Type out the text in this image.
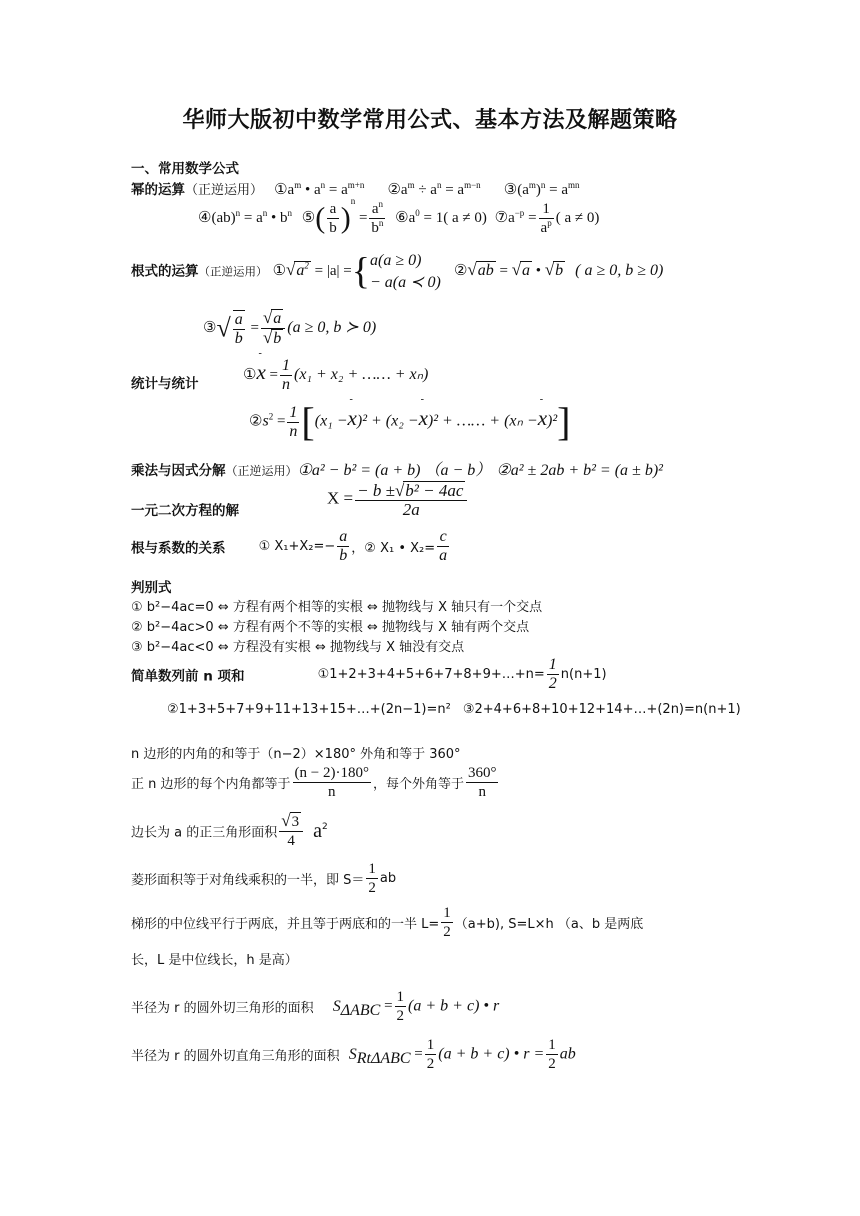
华师大版初中数学常用公式、基本方法及解题策略
一、常用数学公式
幂的运算（正逆运用） $①a^m$ • $a^n = a^{m+n}$ $②a^m \div a^n = a^{m-n}$ $③(a^m)^n = a^{mn}$
④(ab)$^n$ = $a^n$ • $b^n$ ⑤( $\frac{a}{b} )^n = \frac{a^n}{b^n}$ $⑥a^0 = 1$( a ≠ 0) $⑦a^{-p} = \frac{1}{a^p}$ ( a ≠ 0)
根式的运算（正逆运用） $①√a^2 = |a|$ ={ a(a ≥ 0)
− a(a ≺ 0)
②√ab = √a • √b ( a ≥ 0, b ≥ 0)
③√ $\frac{a}{b} = \frac{√a}{√b} (a \ge 0$, b ≻ 0)
统计与统计
①- $x = \frac{1}{n} (x_1 + x_2$ + …… + xₙ)
$②s^2 = \frac{1}{n} [(x_1 -- x)^2 + (x_2 -- x)^2$ + …… + (xₙ −- x)²]
乘法与因式分解（正逆运用）①a² − b² = (a + b) （a − b） ②a² ± 2ab + b² = (a ± b)²
一元二次方程的解
$X = \frac{\text{− b ±√b² − 4ac}}{2a}$
根与系数的关系	① $X_1+X_2=- \frac{a}{b}$ ，② X₁ • $X_2= \frac{c}{a}$
判别式
① b²−4ac=0 ⇔ 方程有两个相等的实根 ⇔ 抛物线与 X 轴只有一个交点
② b²−4ac>0 ⇔ 方程有两个不等的实根 ⇔ 抛物线与 X 轴有两个交点
③ b²−4ac<0 ⇔ 方程没有实根 ⇔ 抛物线与 X 轴没有交点
简单数列前 n 项和	①1+2+3+4+5+6+7+8+9+…+n= $\frac{1}{2} n(n+1)$
②1+3+5+7+9+11+13+15+…+(2n−1)=n² ③2+4+6+8+10+12+14+…+(2n)=n(n+1)
n 边形的内角的和等于（n−2）×180° 外角和等于 360°
正 n 边形的每个内角都等于 $\frac{(n - 2)\cdot 180^\circ}{n}$ ，每个外角等于 $\frac{360^\circ}{n}$
边长为 a 的正三角形面积 $\frac{√3}{4} a^2$
菱形面积等于对角线乘积的一半，即 $S= \frac{1}{2}$ ab
梯形的中位线平行于两底，并且等于两底和的一半 $L= \frac{1}{2} (a+b)$, S=L×h （a、b 是两底
长，L 是中位线长，h 是高）
半径为 r 的圆外切三角形的面积 $S_{\Delta ABC} = \frac{1}{2} (a + b + c)$ • r
半径为 r 的圆外切直角三角形的面积 $S_{Rt\Delta ABC} = \frac{1}{2} (a + b + c)$ • $r = \frac{1}{2}$ ab
